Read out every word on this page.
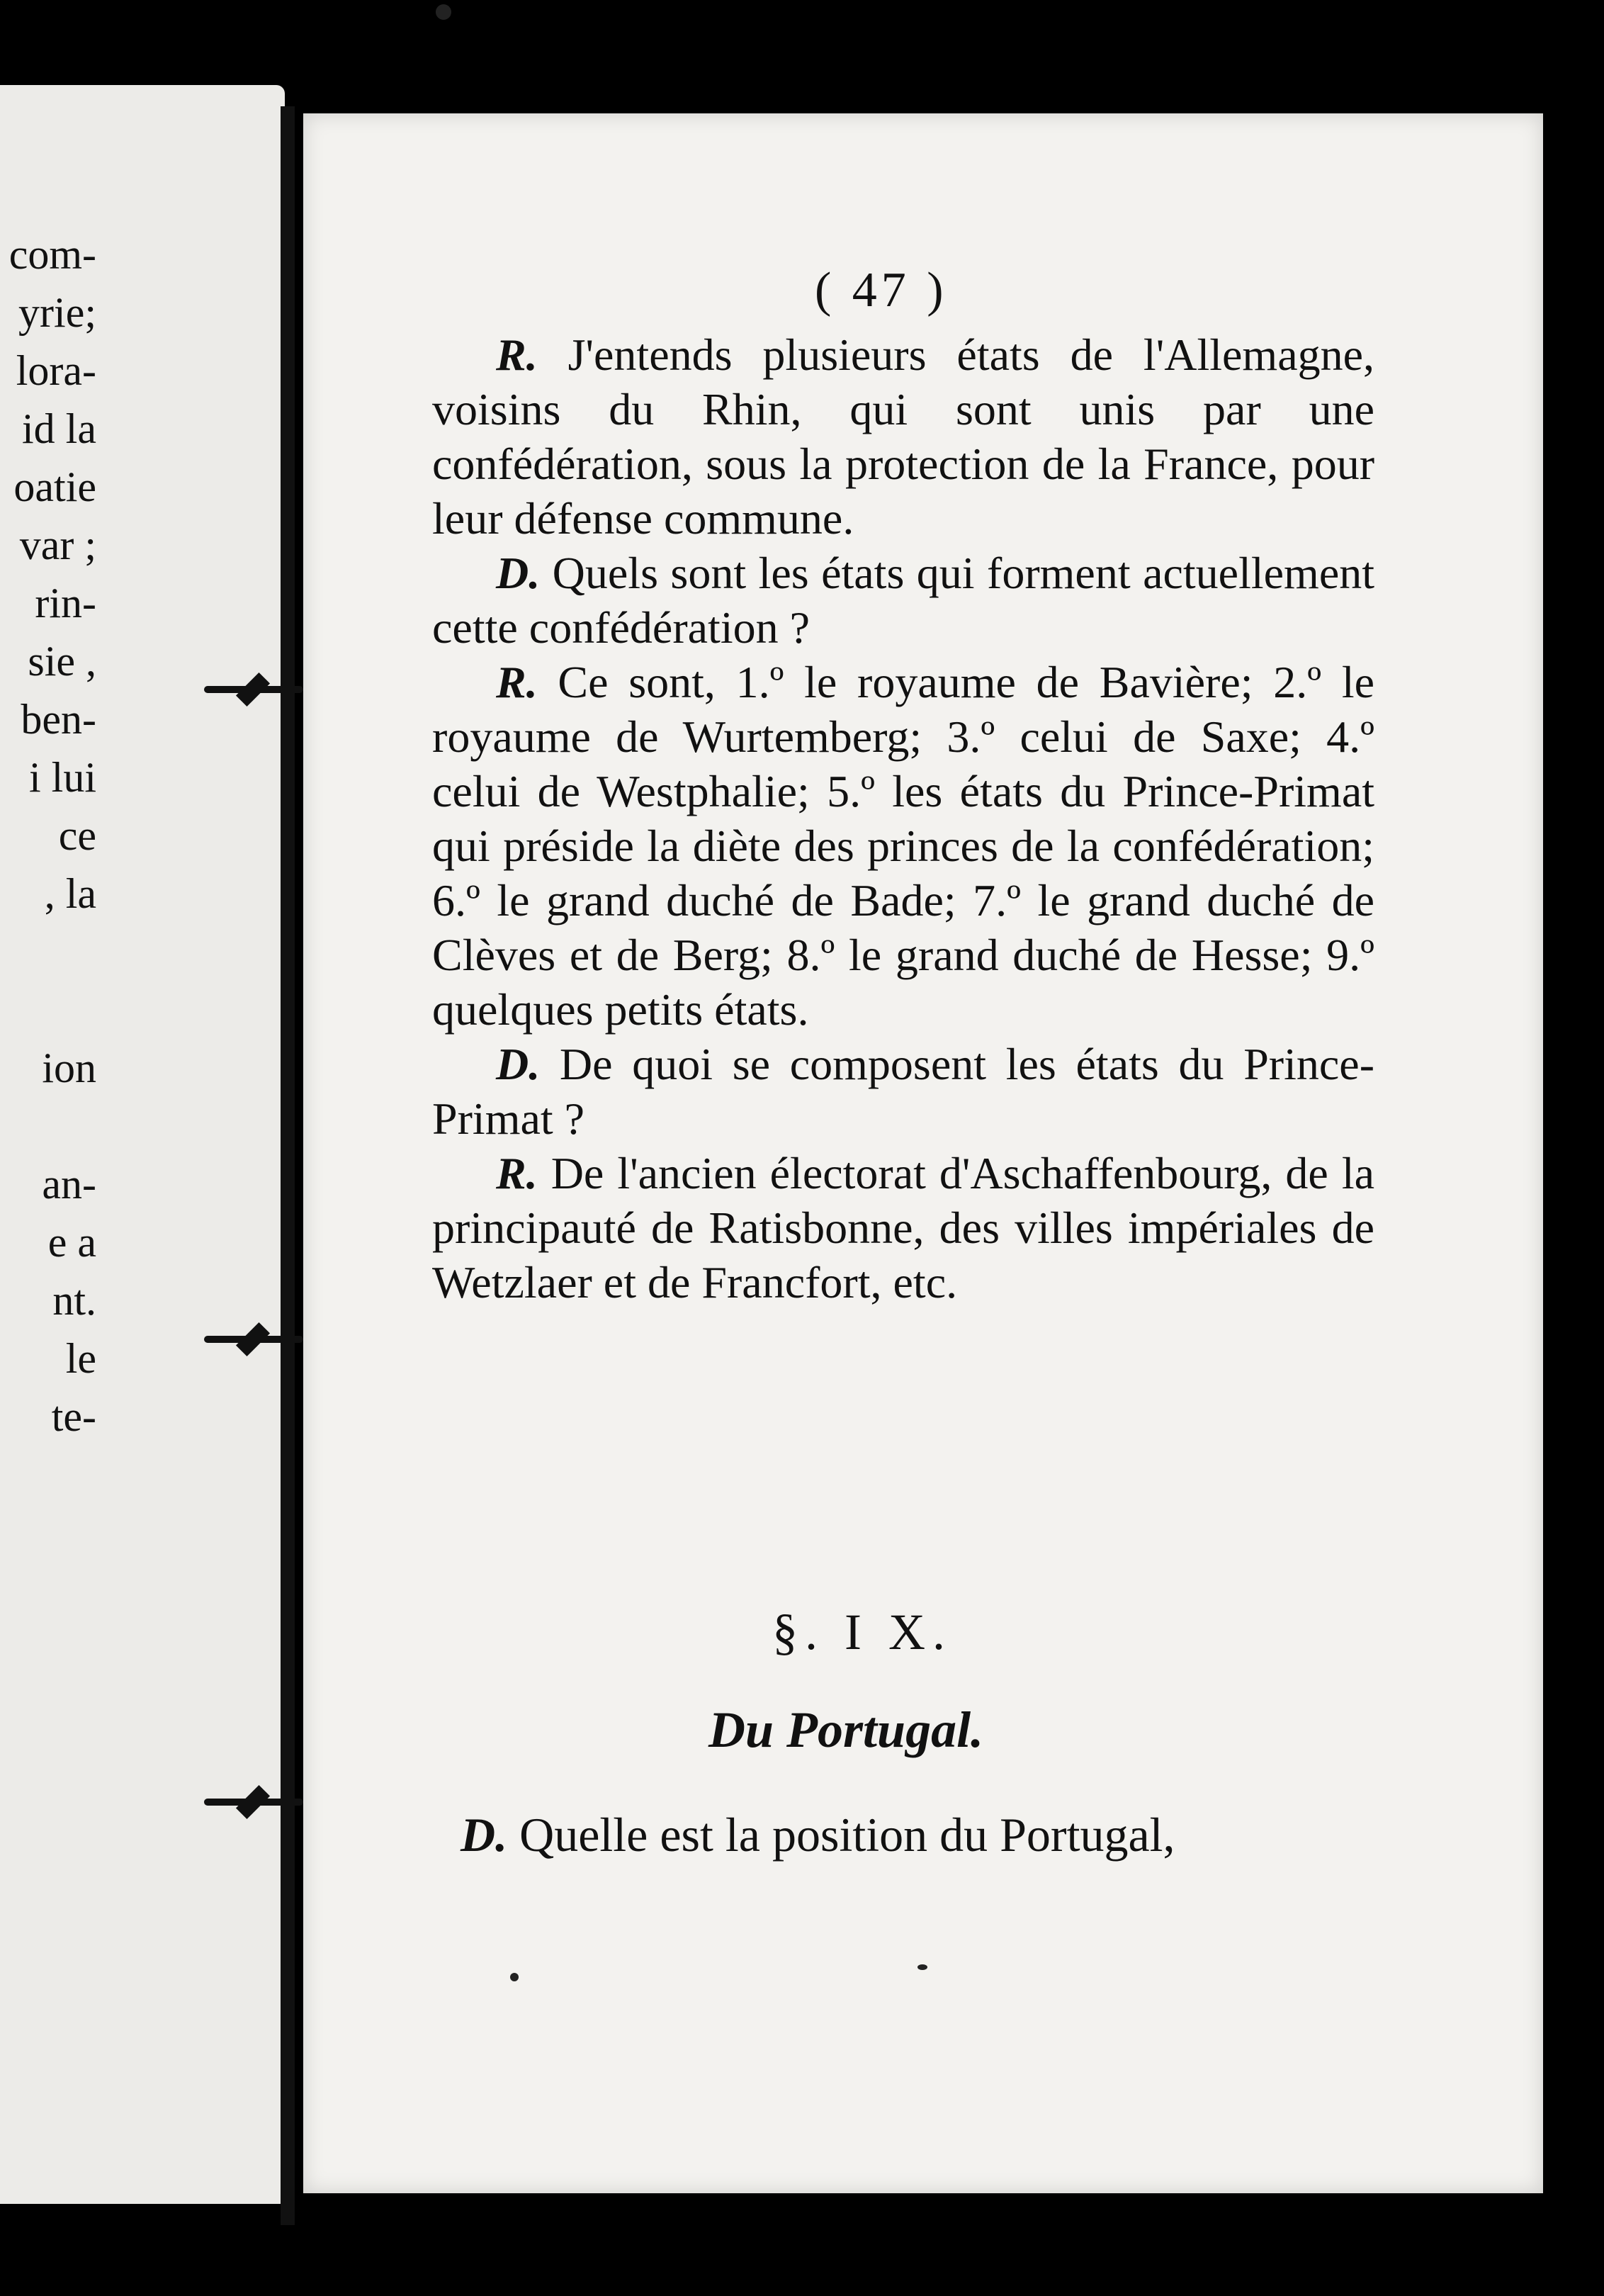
com-
yrie;
lora-
id la
oatie
var ;
rin-
sie ,
ben-
i lui
ce
, la

ion

an-
e a
nt.
le
te-
( 47 )

R. J'entends plusieurs états de l'Allemagne, voisins du Rhin, qui sont unis par une confédération, sous la protection de la France, pour leur défense commune.

D. Quels sont les états qui forment actuellement cette confédération ?

R. Ce sont, 1.º le royaume de Bavière; 2.º le royaume de Wurtemberg; 3.º celui de Saxe; 4.º celui de Westphalie; 5.º les états du Prince-Primat qui préside la diète des princes de la confédération; 6.º le grand duché de Bade; 7.º le grand duché de Clèves et de Berg; 8.º le grand duché de Hesse; 9.º quelques petits états.

D. De quoi se composent les états du Prince-Primat ?

R. De l'ancien électorat d'Aschaffenbourg, de la principauté de Ratisbonne, des villes impériales de Wetzlaer et de Francfort, etc.

§. I X.
Du Portugal.
D. Quelle est la position du Portugal,
